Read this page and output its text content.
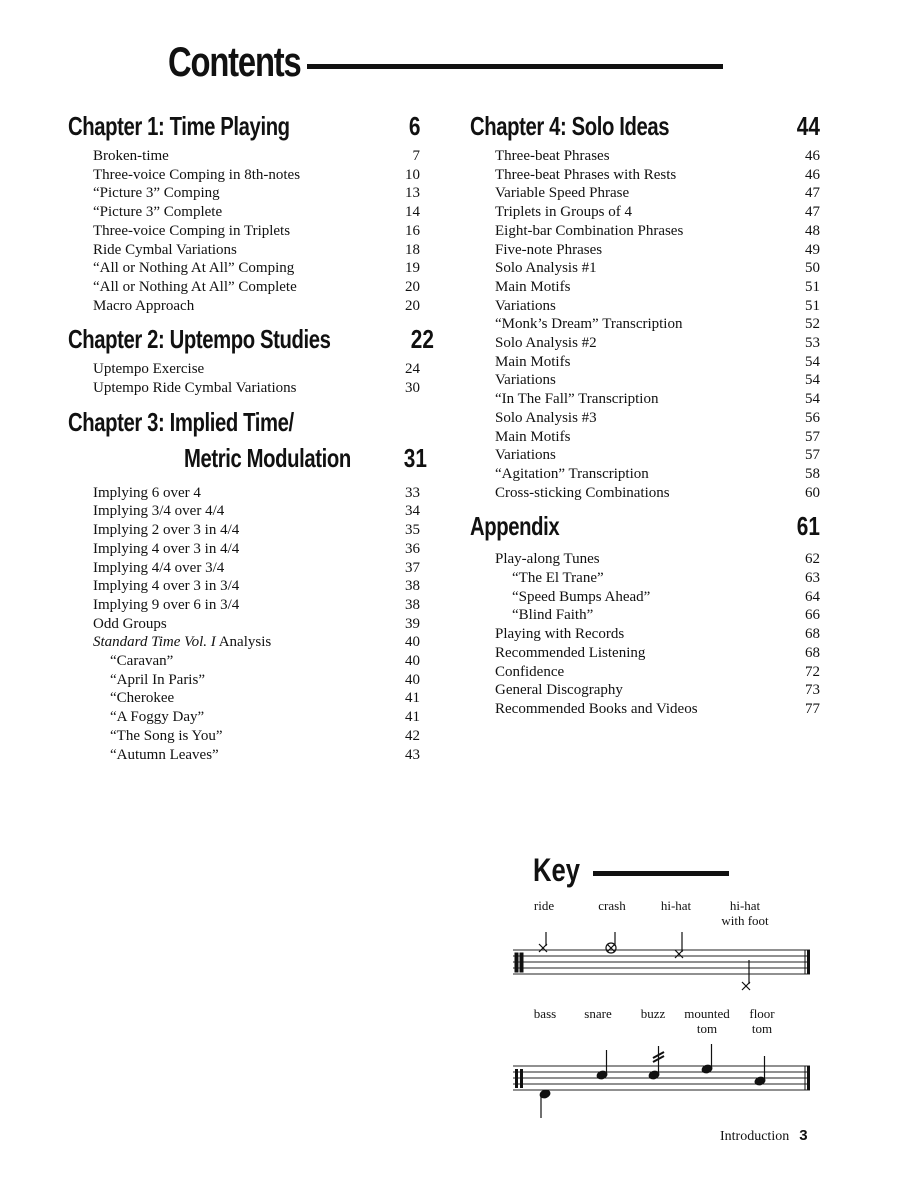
Contents
Chapter 1: Time Playing	6
Broken-time	7
Three-voice Comping in 8th-notes	10
“Picture 3” Comping	13
“Picture 3” Complete	14
Three-voice Comping in Triplets	16
Ride Cymbal Variations	18
“All or Nothing At All” Comping	19
“All or Nothing At All” Complete	20
Macro Approach	20
Chapter 2: Uptempo Studies	22
Uptempo Exercise	24
Uptempo Ride Cymbal Variations	30
Chapter 3: Implied Time/
Metric Modulation 31
Implying 6 over 4	33
Implying 3/4 over 4/4	34
Implying 2 over 3 in 4/4	35
Implying 4 over 3 in 4/4	36
Implying 4/4 over 3/4	37
Implying 4 over 3 in 3/4	38
Implying 9 over 6 in 3/4	38
Odd Groups	39
Standard Time Vol. I Analysis	40
“Caravan”	40
“April In Paris”	40
“Cherokee	41
“A Foggy Day”	41
“The Song is You”	42
“Autumn Leaves”	43
Chapter 4: Solo Ideas	44
Three-beat Phrases	46
Three-beat Phrases with Rests	46
Variable Speed Phrase	47
Triplets in Groups of 4	47
Eight-bar Combination Phrases	48
Five-note Phrases	49
Solo Analysis #1	50
Main Motifs	51
Variations	51
“Monk’s Dream” Transcription	52
Solo Analysis #2	53
Main Motifs	54
Variations	54
“In The Fall” Transcription	54
Solo Analysis #3	56
Main Motifs	57
Variations	57
“Agitation” Transcription	58
Cross-sticking Combinations	60
Appendix	61
Play-along Tunes	62
“The El Trane”	63
“Speed Bumps Ahead”	64
“Blind Faith”	66
Playing with Records	68
Recommended Listening	68
Confidence	72
General Discography	73
Recommended Books and Videos	77
Key
ride	crash	hi-hat	hi-hat
with foot
bass snare buzz mounted
tom
floor
tom
Introduction 3
